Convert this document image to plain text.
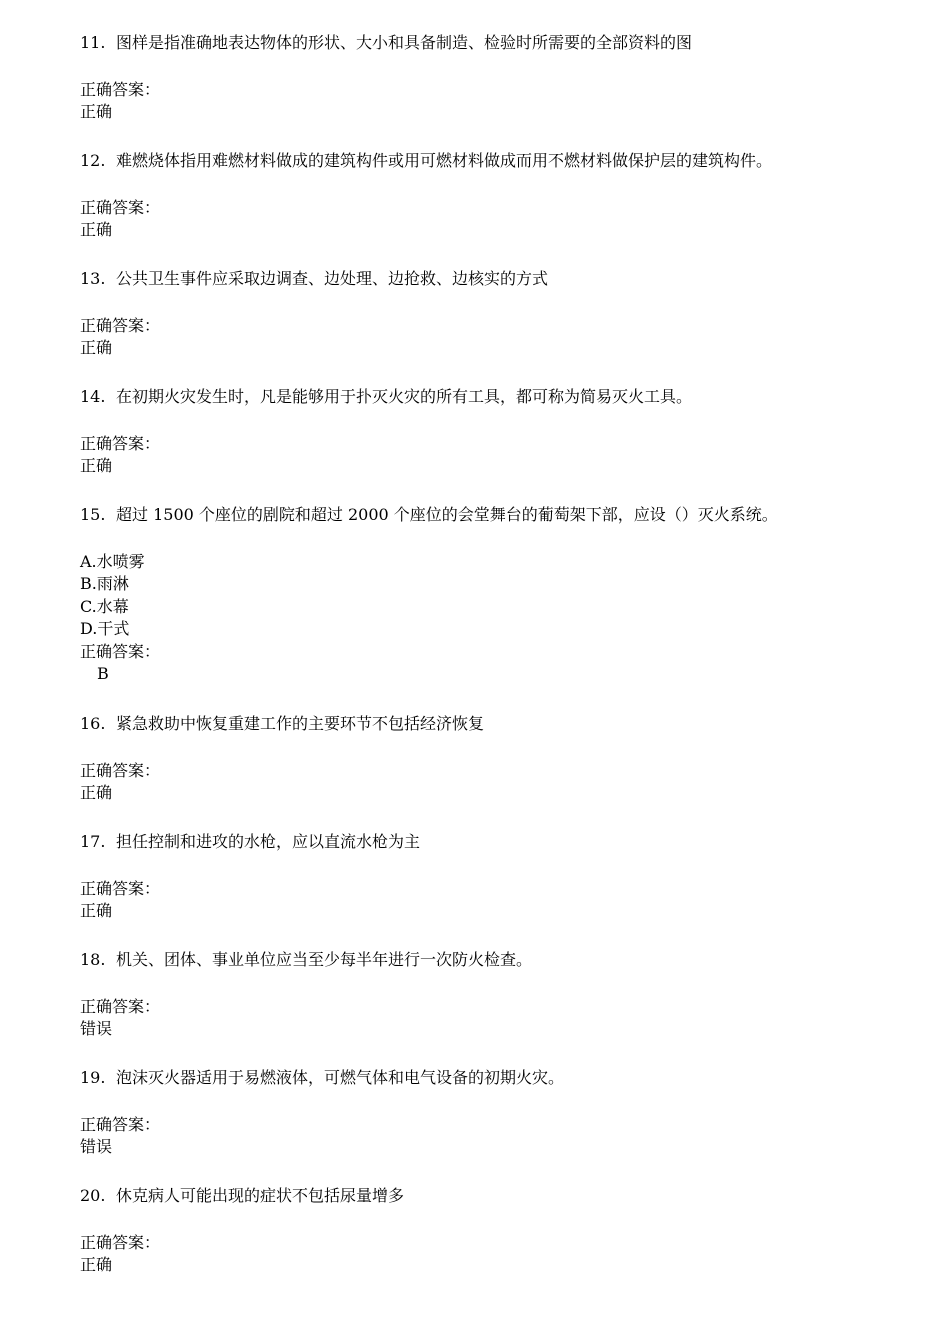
11. 图样是指准确地表达物体的形状、大小和具备制造、检验时所需要的全部资料的图
正确答案：
正确
12. 难燃烧体指用难燃材料做成的建筑构件或用可燃材料做成而用不燃材料做保护层的建筑构件。
正确答案：
正确
13. 公共卫生事件应采取边调查、边处理、边抢救、边核实的方式
正确答案：
正确
14. 在初期火灾发生时，凡是能够用于扑灭火灾的所有工具，都可称为简易灭火工具。
正确答案：
正确
15. 超过 1500 个座位的剧院和超过 2000 个座位的会堂舞台的葡萄架下部，应设（）灭火系统。
A.水喷雾
B.雨淋
C.水幕
D.干式
正确答案：
B
16. 紧急救助中恢复重建工作的主要环节不包括经济恢复
正确答案：
正确
17. 担任控制和进攻的水枪，应以直流水枪为主
正确答案：
正确
18. 机关、团体、事业单位应当至少每半年进行一次防火检查。
正确答案：
错误
19. 泡沫灭火器适用于易燃液体，可燃气体和电气设备的初期火灾。
正确答案：
错误
20. 休克病人可能出现的症状不包括尿量增多
正确答案：
正确
